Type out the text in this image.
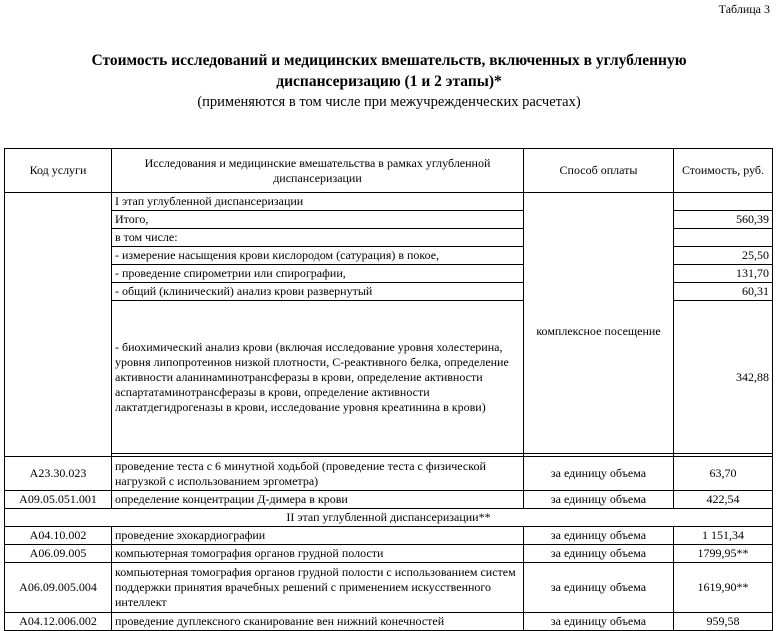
Таблица 3
Стоимость исследований и медицинских вмешательств, включенных в углубленную диспансеризацию (1 и 2 этапы)*
(применяются в том числе при межучрежденческих расчетах)
Код услуги	Исследования и медицинские вмешательства в рамках углубленной диспансеризации	Способ оплаты	Стоимость, руб.
	I этап углубленной диспансеризации		
	Итого,	комплексное посещение	560,39
	в том числе:		
	- измерение насыщения крови кислородом (сатурация) в покое,		25,50
	- проведение спирометрии или спирографии,		131,70
	- общий (клинический) анализ крови развернутый		60,31
	- биохимический анализ крови (включая исследование уровня холестерина, уровня липопротеинов низкой плотности, С-реактивного белка, определение активности аланинаминотрансферазы в крови, определение активности аспартатаминотрансферазы в крови, определение активности лактатдегидрогеназы в крови, исследование уровня креатинина в крови)		342,88

A23.30.023	проведение теста с 6 минутной ходьбой (проведение теста с физической нагрузкой с использованием эргометра)	за единицу объема	63,70
A09.05.051.001	определение концентрации Д-димера в крови	за единицу объема	422,54
II этап углубленной диспансеризации**			
A04.10.002	проведение эхокардиографии	за единицу объема	1 151,34
A06.09.005	компьютерная томография органов грудной полости	за единицу объема	1799,95**
A06.09.005.004	компьютерная томография органов грудной полости с использованием систем поддержки принятия врачебных решений с применением искусственного интеллект	за единицу объема	1619,90**
A04.12.006.002	проведение дуплексного сканирование вен нижний конечностей	за единицу объема	959,58
